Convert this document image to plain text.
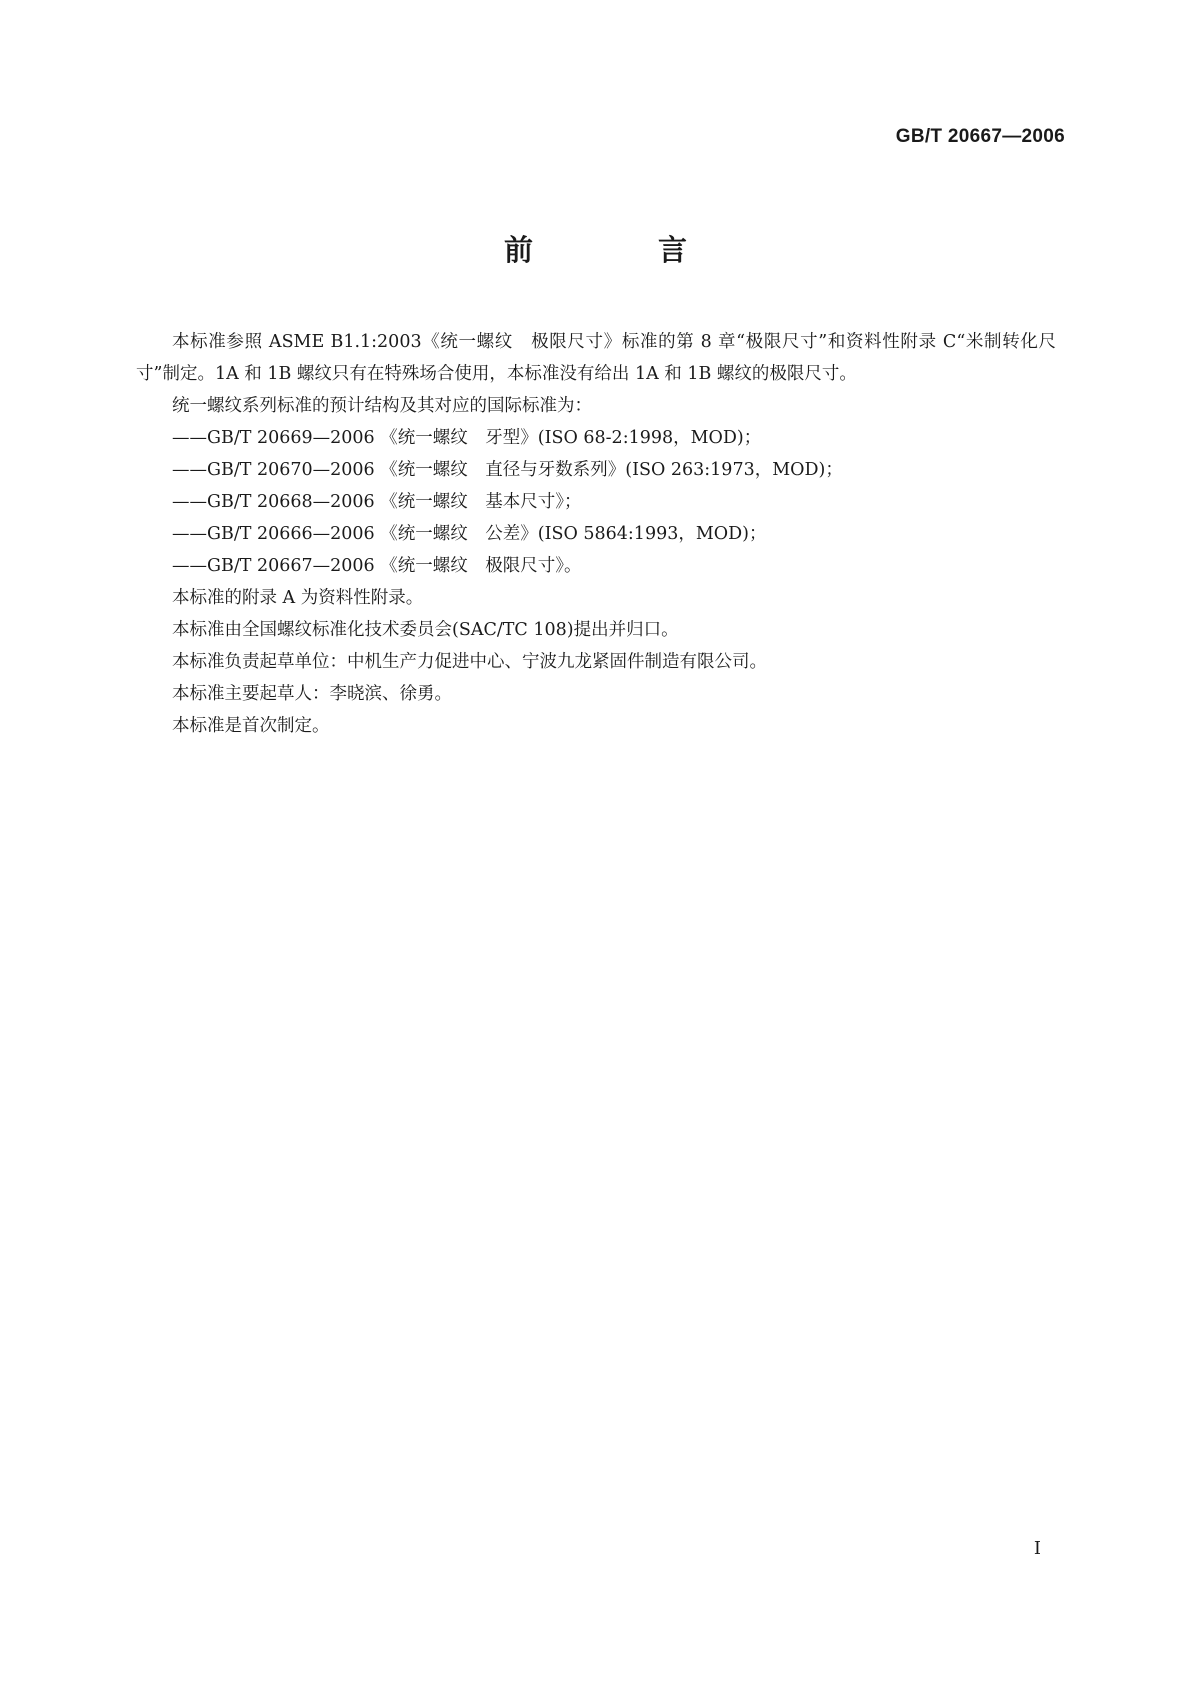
GB/T 20667—2006
前　言

本标准参照 ASME B1.1:2003《统一螺纹　极限尺寸》标准的第 8 章“极限尺寸”和资料性附录 C“米制转化尺寸”制定。1A 和 1B 螺纹只有在特殊场合使用，本标准没有给出 1A 和 1B 螺纹的极限尺寸。

统一螺纹系列标准的预计结构及其对应的国际标准为：

——GB/T 20669—2006 《统一螺纹　牙型》(ISO 68-2:1998，MOD)；

——GB/T 20670—2006 《统一螺纹　直径与牙数系列》(ISO 263:1973，MOD)；

——GB/T 20668—2006 《统一螺纹　基本尺寸》；

——GB/T 20666—2006 《统一螺纹　公差》(ISO 5864:1993，MOD)；

——GB/T 20667—2006 《统一螺纹　极限尺寸》。

本标准的附录 A 为资料性附录。

本标准由全国螺纹标准化技术委员会(SAC/TC 108)提出并归口。

本标准负责起草单位：中机生产力促进中心、宁波九龙紧固件制造有限公司。

本标准主要起草人：李晓滨、徐勇。

本标准是首次制定。

I
